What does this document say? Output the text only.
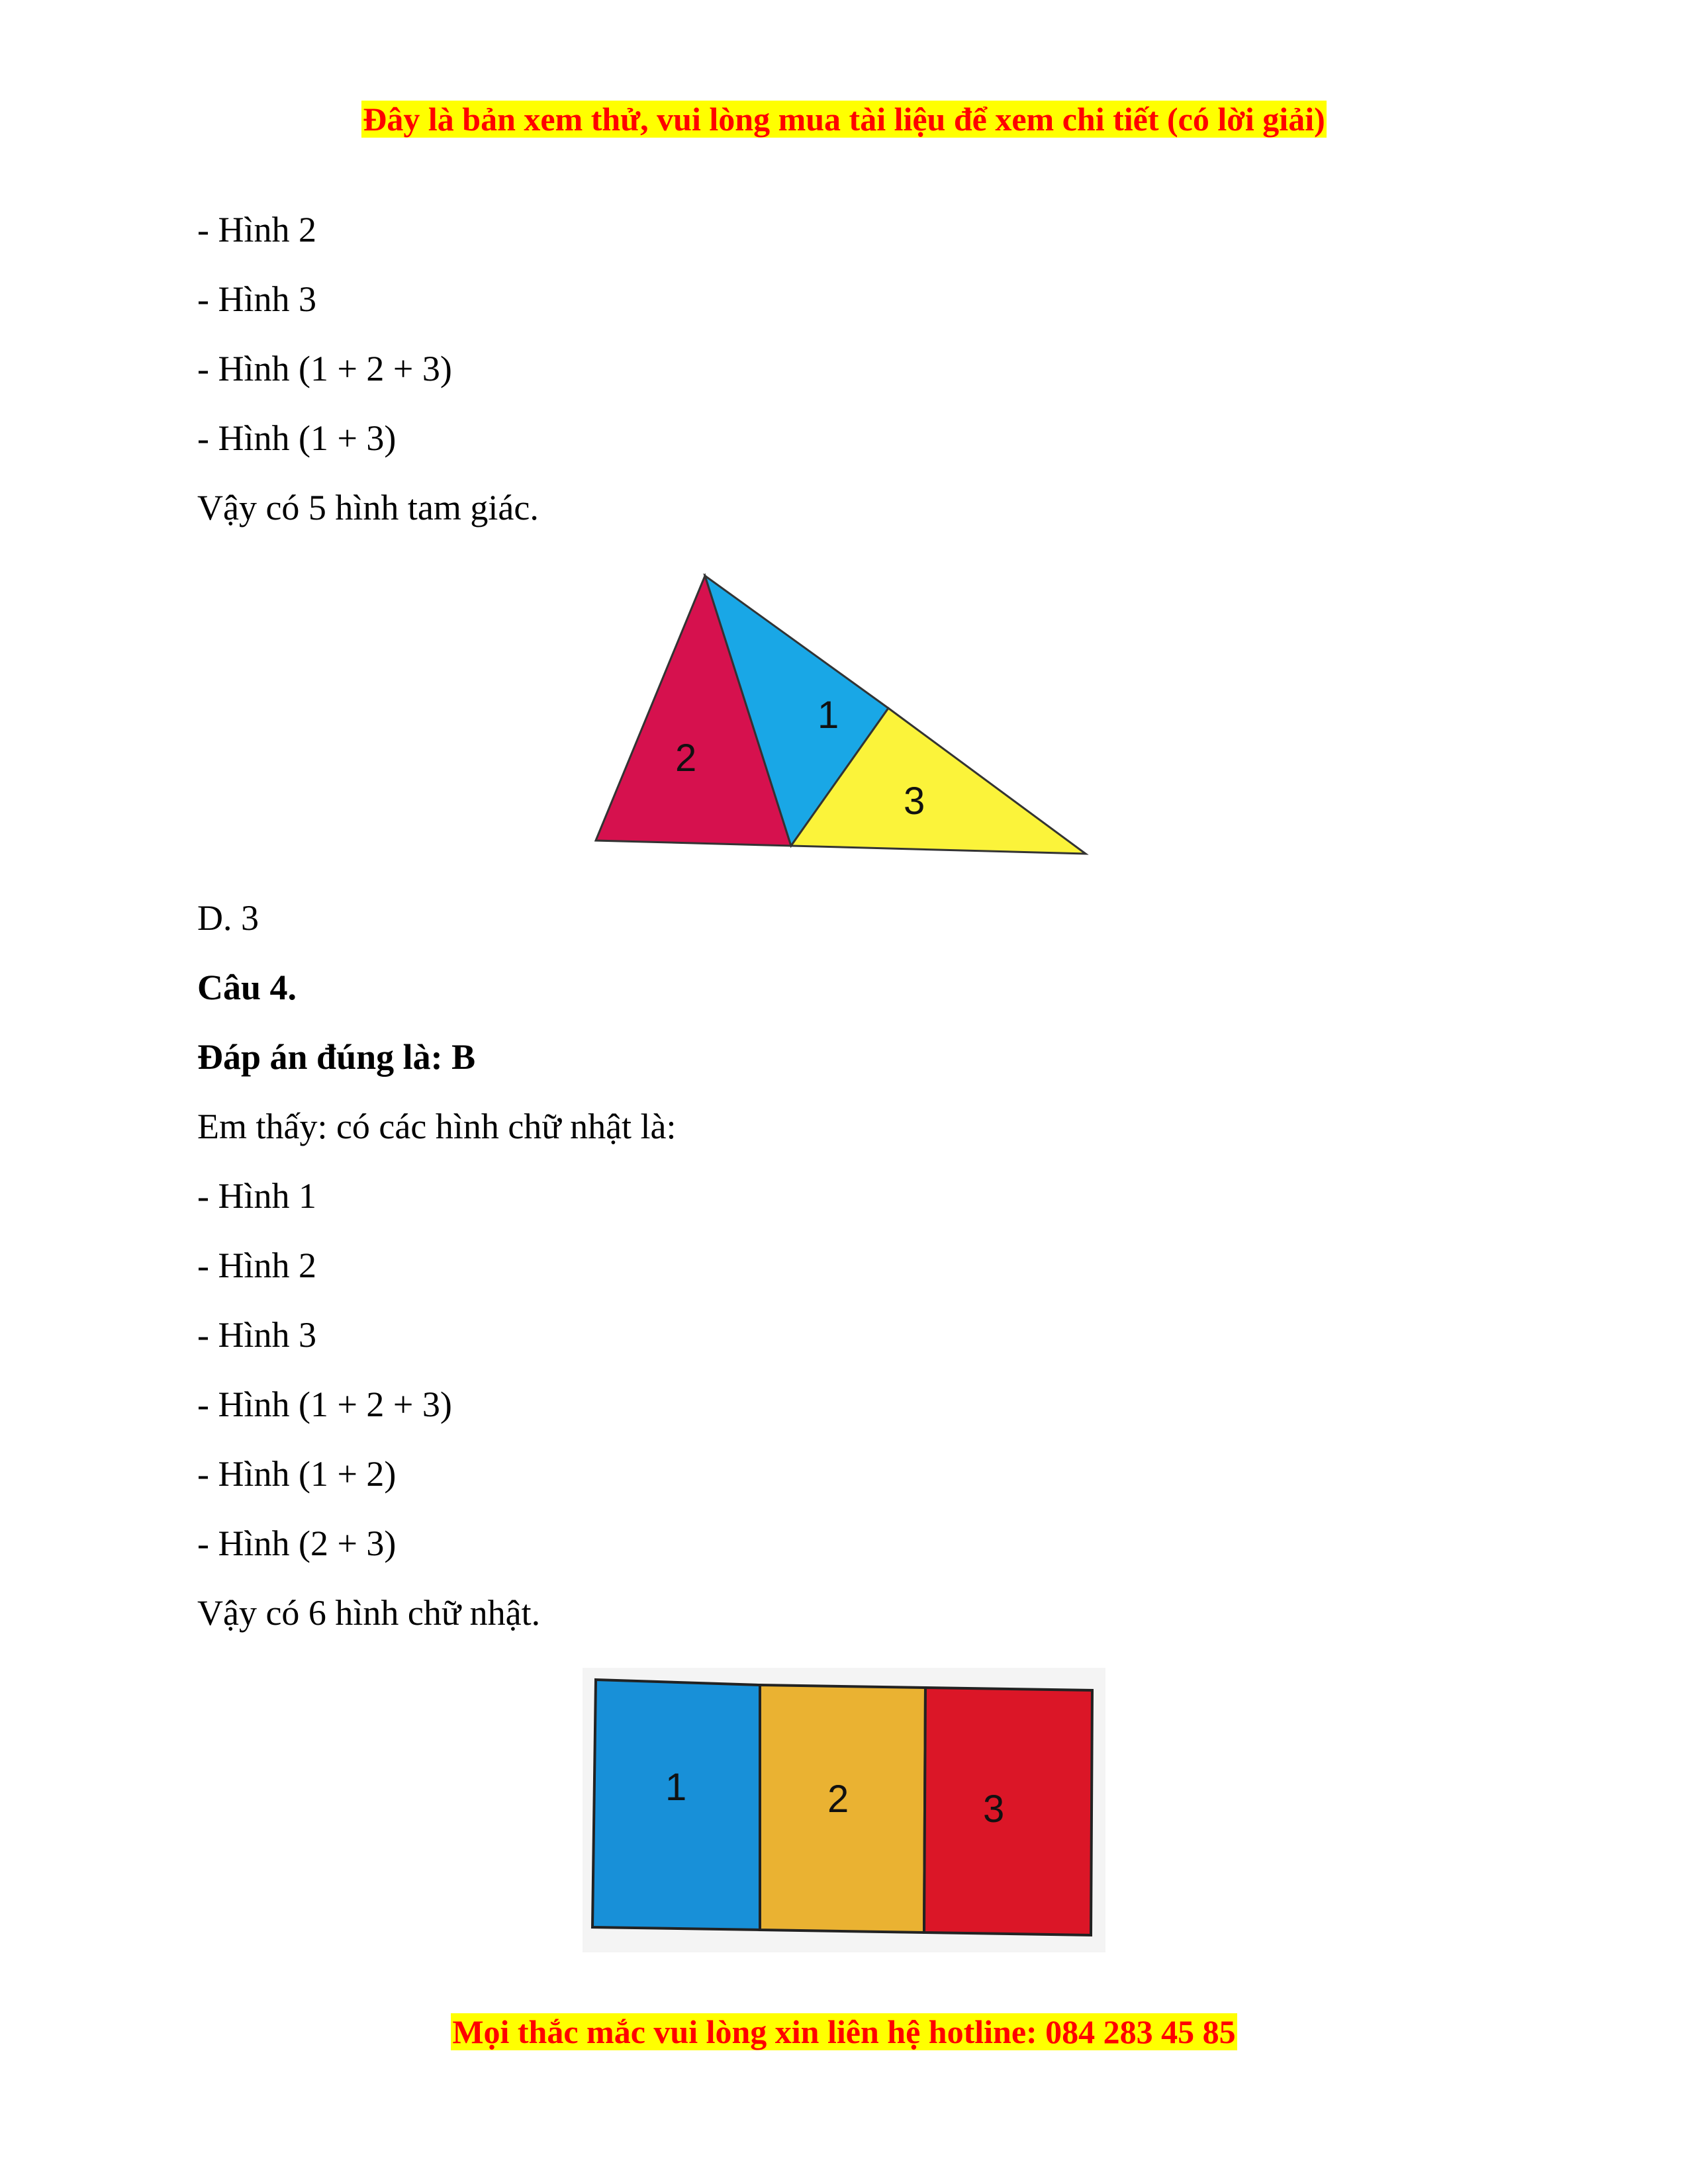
Đây là bản xem thử, vui lòng mua tài liệu để xem chi tiết (có lời giải)
- Hình 2
- Hình 3
- Hình (1 + 2 + 3)
- Hình (1 + 3)
Vậy có 5 hình tam giác.
1
2
3
D. 3
Câu 4.
Đáp án đúng là: B
Em thấy: có các hình chữ nhật là:
- Hình 1
- Hình 2
- Hình 3
- Hình (1 + 2 + 3)
- Hình (1 + 2)
- Hình (2 + 3)
Vậy có 6 hình chữ nhật.
1	2	3
Mọi thắc mắc vui lòng xin liên hệ hotline: 084 283 45 85
